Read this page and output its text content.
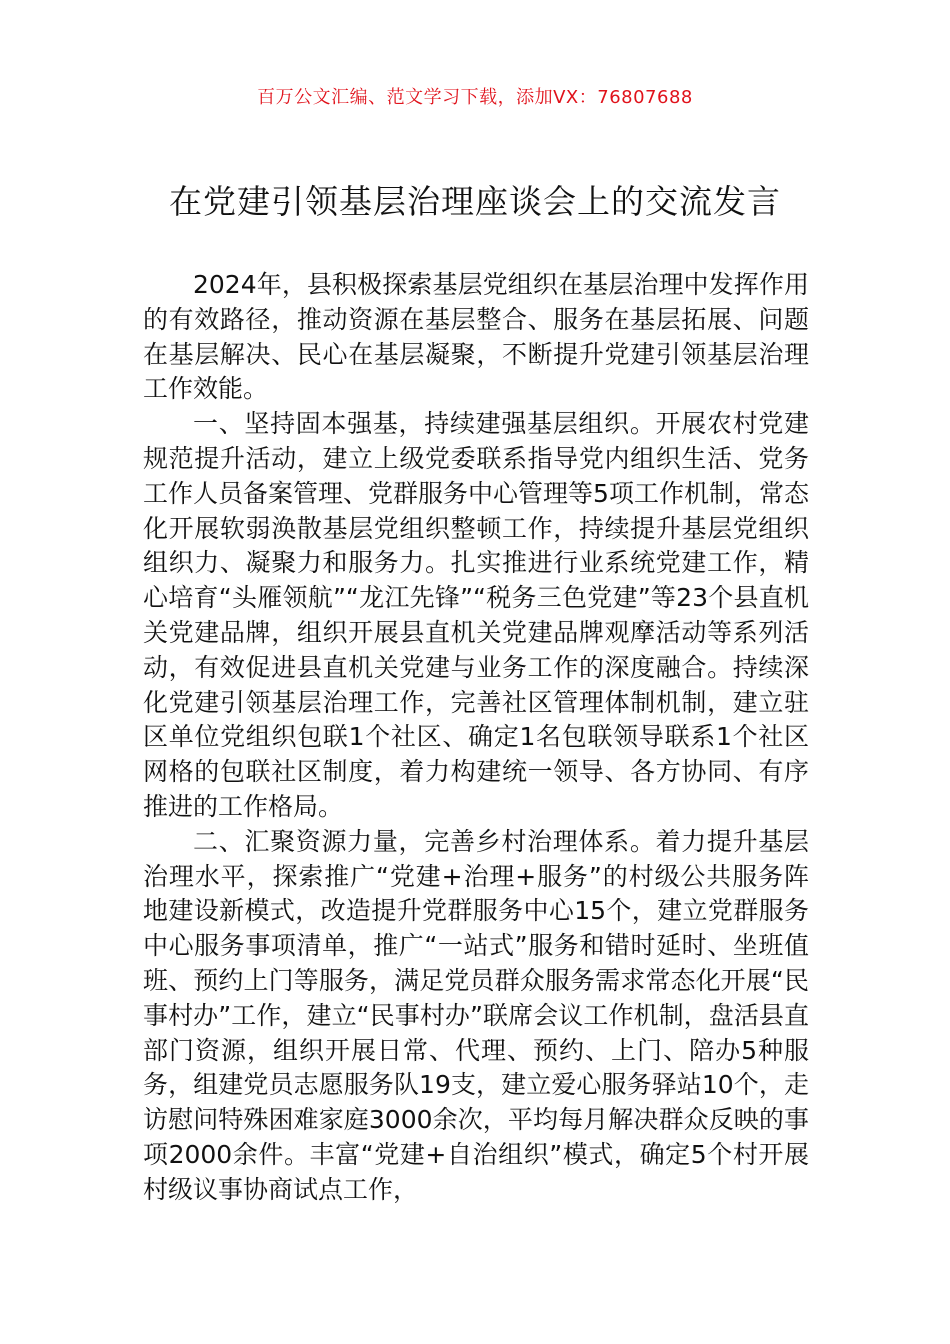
百万公文汇编、范文学习下载，添加VX：76807688
在党建引领基层治理座谈会上的交流发言

2024年，县积极探索基层党组织在基层治理中发挥作用的有效路径，推动资源在基层整合、服务在基层拓展、问题在基层解决、民心在基层凝聚，不断提升党建引领基层治理工作效能。

一、坚持固本强基，持续建强基层组织。开展农村党建规范提升活动，建立上级党委联系指导党内组织生活、党务工作人员备案管理、党群服务中心管理等5项工作机制，常态化开展软弱涣散基层党组织整顿工作，持续提升基层党组织组织力、凝聚力和服务力。扎实推进行业系统党建工作，精心培育“头雁领航”“龙江先锋”“税务三色党建”等23个县直机关党建品牌，组织开展县直机关党建品牌观摩活动等系列活动，有效促进县直机关党建与业务工作的深度融合。持续深化党建引领基层治理工作，完善社区管理体制机制，建立驻区单位党组织包联1个社区、确定1名包联领导联系1个社区网格的包联社区制度，着力构建统一领导、各方协同、有序推进的工作格局。

二、汇聚资源力量，完善乡村治理体系。着力提升基层治理水平，探索推广“党建+治理+服务”的村级公共服务阵地建设新模式，改造提升党群服务中心15个，建立党群服务中心服务事项清单，推广“一站式”服务和错时延时、坐班值班、预约上门等服务，满足党员群众服务需求常态化开展“民事村办”工作，建立“民事村办”联席会议工作机制，盘活县直部门资源，组织开展日常、代理、预约、上门、陪办5种服务，组建党员志愿服务队19支，建立爱心服务驿站10个，走访慰问特殊困难家庭3000余次，平均每月解决群众反映的事项2000余件。丰富“党建+自治组织”模式，确定5个村开展村级议事协商试点工作，
